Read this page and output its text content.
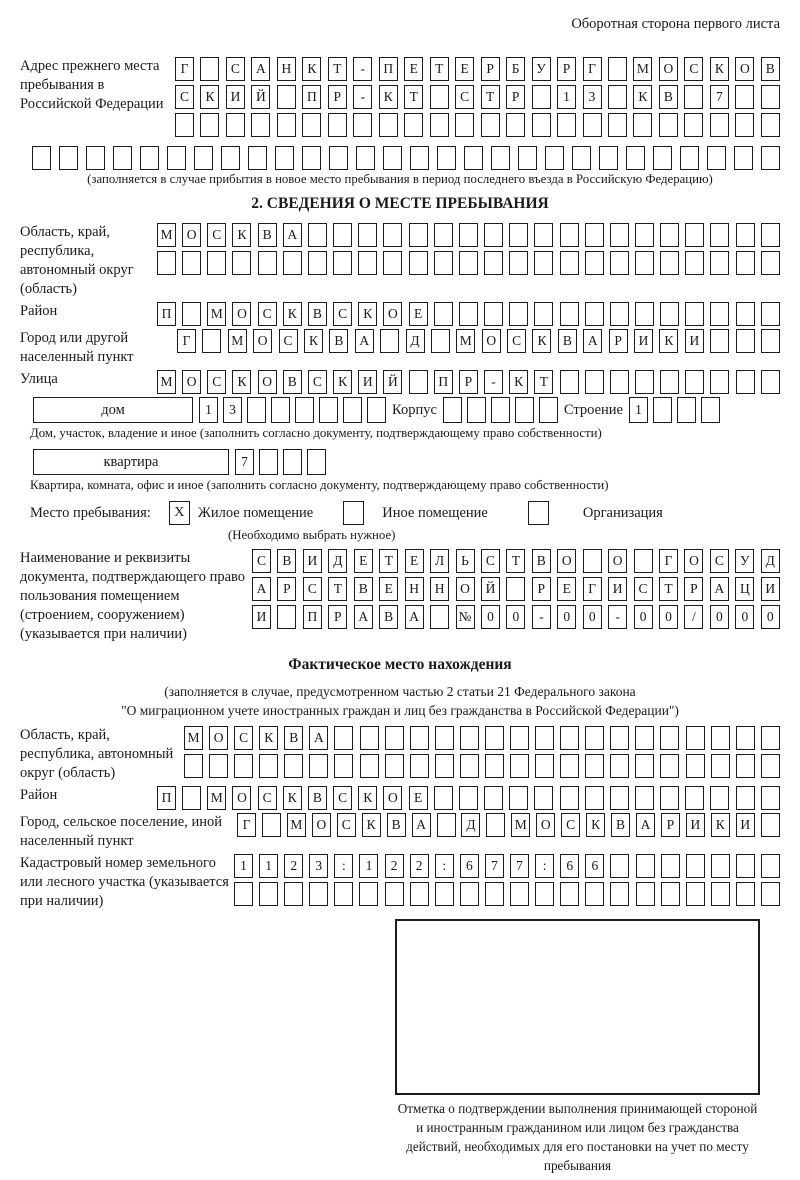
Оборотная сторона первого листа
Адрес прежнего места пребывания в Российской Федерации
Г	С	А	Н	К	Т	-	П	Е	Т	Е	Р	Б	У	Р	Г	М	О	С	К	О	В
С	К	И	Й	П	Р	-	К	Т	С	Т	Р	1	3	К	В	7
(заполняется в случае прибытия в новое место пребывания в период последнего въезда в Российскую Федерацию)
2. СВЕДЕНИЯ О МЕСТЕ ПРЕБЫВАНИЯ
Область, край, республика, автономный округ (область)
М	О	С	К	В	А
Район	П	М	О	С	К	В	С	К	О	Е
Город или другой населенный пункт
Г	М	О	С	К	В	А	Д	М	О	С	К	В	А	Р	И	К	И
Улица	М	О	С	К	О	В	С	К	И	Й	П	Р	-	К	Т
дом	1	3	Корпус	Строение 1
Дом, участок, владение и иное (заполнить согласно документу, подтверждающему право собственности)
квартира	7
Квартира, комната, офис и иное (заполнить согласно документу, подтверждающему право собственности)
Место пребывания:	Х Жилое помещение	Иное помещение	Организация
(Необходимо выбрать нужное)
Наименование и реквизиты документа, подтверждающего право пользования помещением (строением, сооружением) (указывается при наличии)
С	В	И	Д	Е	Т	Е	Л	Ь	С	Т	В	О	О	Г	О	С	У	Д
А	Р	С	Т	В	Е	Н	Н	О	Й	Р	Е	Г	И	С	Т	Р	А	Ц	И
И	П	Р	А	В	А	№	0	0	-	0	0	-	0	0	/	0	0	0
Фактическое место нахождения
(заполняется в случае, предусмотренном частью 2 статьи 21 Федерального закона
"О миграционном учете иностранных граждан и лиц без гражданства в Российской Федерации")
Область, край, республика, автономный округ (область)
М	О	С	К	В	А
Район	П	М	О	С	К	В	С	К	О	Е
Город, сельское поселение, иной населенный пункт
Г	М	О	С	К	В	А	Д	М	О	С	К	В	А	Р	И	К	И
Кадастровый номер земельного или лесного участка (указывается при наличии)
1	1	2	3	:	1	2	2	:	6	7	7	:	6	6
Отметка о подтверждении выполнения принимающей стороной и иностранным гражданином или лицом без гражданства действий, необходимых для его постановки на учет по месту пребывания
